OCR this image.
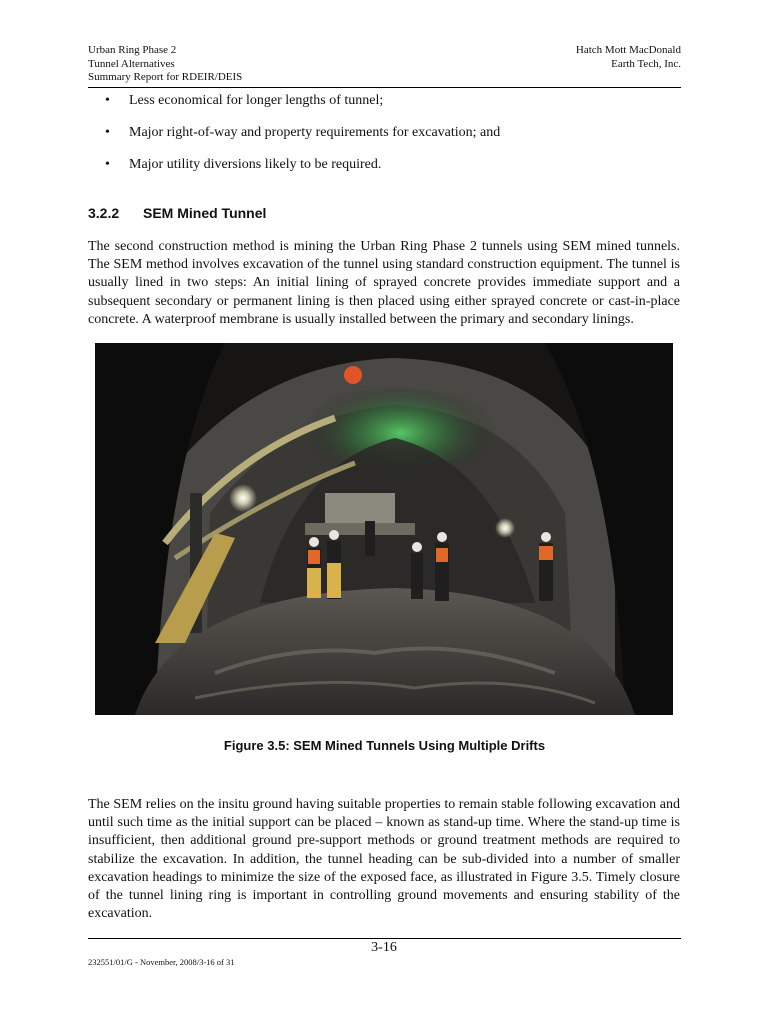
Urban Ring Phase 2
Tunnel Alternatives
Summary Report for RDEIR/DEIS
Hatch Mott MacDonald
Earth Tech, Inc.
• Less economical for longer lengths of tunnel;
• Major right-of-way and property requirements for excavation; and
• Major utility diversions likely to be required.
3.2.2 SEM Mined Tunnel

The second construction method is mining the Urban Ring Phase 2 tunnels using SEM mined tunnels. The SEM method involves excavation of the tunnel using standard construction equipment. The tunnel is usually lined in two steps: An initial lining of sprayed concrete provides immediate support and a subsequent secondary or permanent lining is then placed using either sprayed concrete or cast-in-place concrete. A waterproof membrane is usually installed between the primary and secondary linings.

Figure 3.5: SEM Mined Tunnels Using Multiple Drifts

The SEM relies on the insitu ground having suitable properties to remain stable following excavation and until such time as the initial support can be placed – known as stand-up time. Where the stand-up time is insufficient, then additional ground pre-support methods or ground treatment methods are required to stabilize the excavation. In addition, the tunnel heading can be sub-divided into a number of smaller excavation headings to minimize the size of the exposed face, as illustrated in Figure 3.5. Timely closure of the tunnel lining ring is important in controlling ground movements and ensuring stability of the excavation.

3-16
232551/01/G - November, 2008/3-16 of 31
